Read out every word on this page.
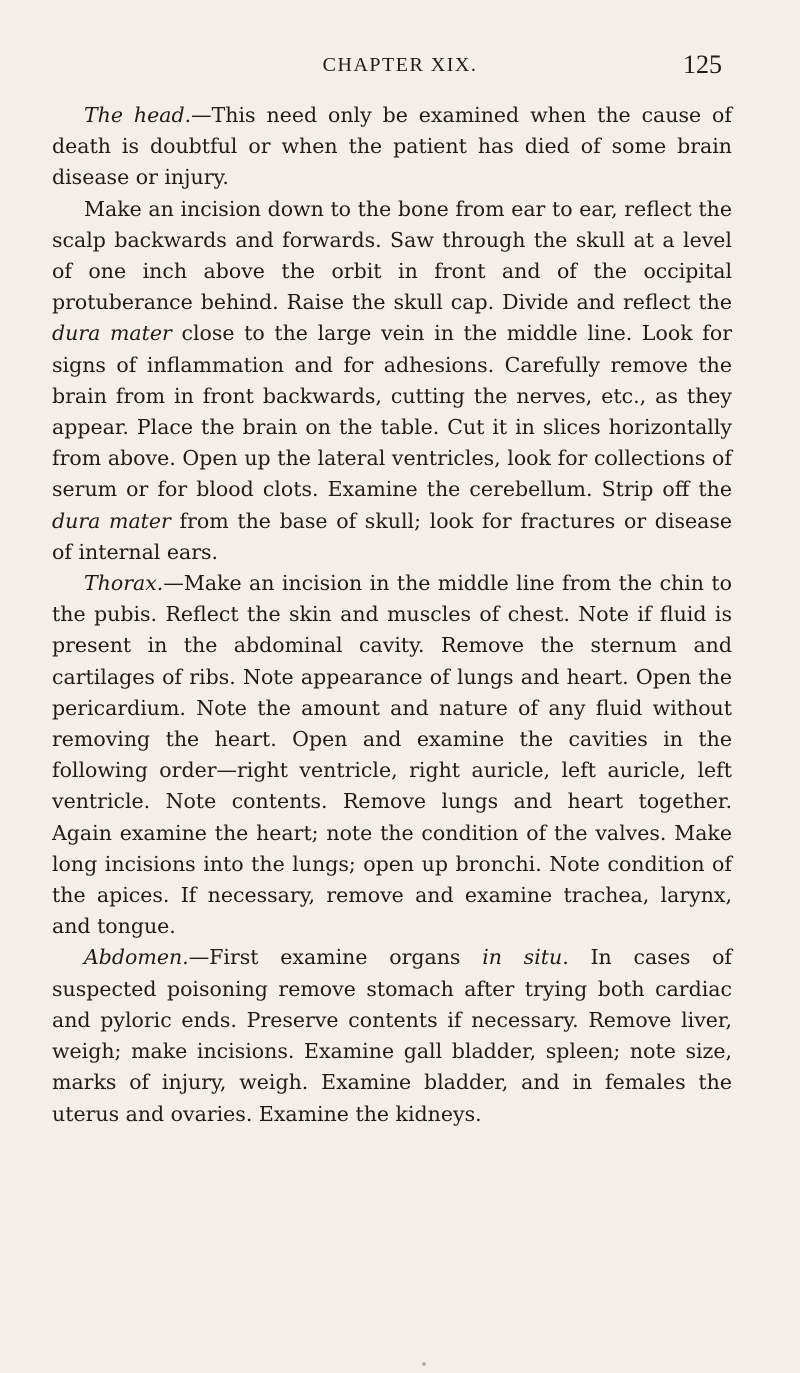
CHAPTER XIX.	125

The head.—This need only be examined when the cause of death is doubtful or when the patient has died of some brain disease or injury.

Make an incision down to the bone from ear to ear, reflect the scalp backwards and forwards. Saw through the skull at a level of one inch above the orbit in front and of the occipital protuberance behind. Raise the skull cap. Divide and reflect the dura mater close to the large vein in the middle line. Look for signs of inflammation and for adhesions. Carefully remove the brain from in front backwards, cutting the nerves, etc., as they appear. Place the brain on the table. Cut it in slices horizontally from above. Open up the lateral ventricles, look for collections of serum or for blood clots. Examine the cerebellum. Strip off the dura mater from the base of skull; look for fractures or disease of internal ears.

Thorax.—Make an incision in the middle line from the chin to the pubis. Reflect the skin and muscles of chest. Note if fluid is present in the abdominal cavity. Remove the sternum and cartilages of ribs. Note appearance of lungs and heart. Open the pericardium. Note the amount and nature of any fluid without removing the heart. Open and examine the cavities in the following order—right ventricle, right auricle, left auricle, left ventricle. Note contents. Remove lungs and heart together. Again examine the heart; note the condition of the valves. Make long incisions into the lungs; open up bronchi. Note condition of the apices. If necessary, remove and examine trachea, larynx, and tongue.

Abdomen.—First examine organs in situ. In cases of suspected poisoning remove stomach after trying both cardiac and pyloric ends. Preserve contents if necessary. Remove liver, weigh; make incisions. Examine gall bladder, spleen; note size, marks of injury, weigh. Examine bladder, and in females the uterus and ovaries. Examine the kidneys.
